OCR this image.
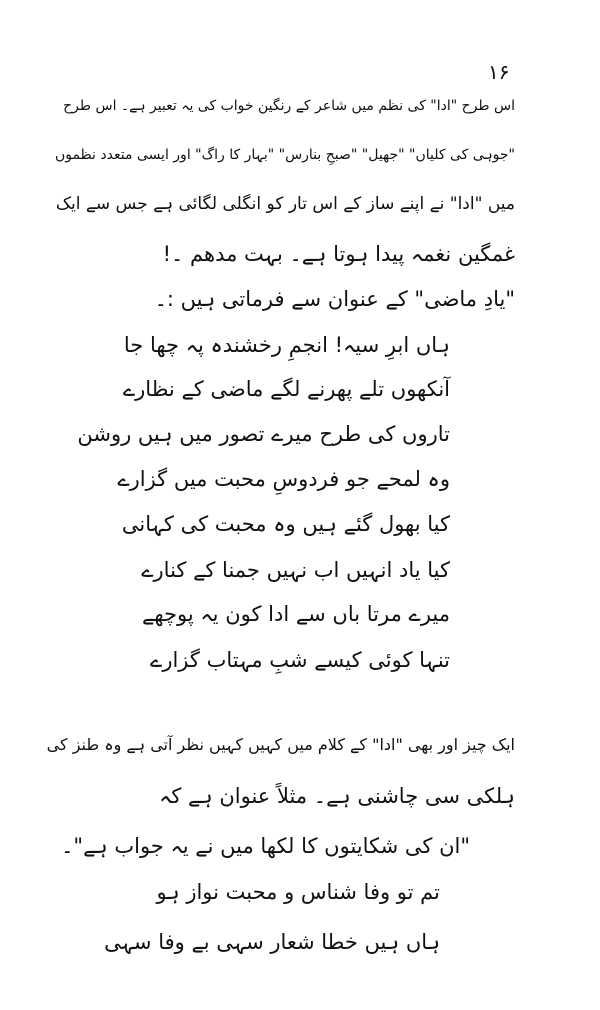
۱۶
اس طرح "ادا" کی نظم میں شاعر کے رنگین خواب کی یہ تعبیر ہے۔ اس طرح
"جوہی کی کلیاں" "جھیل" "صبحِ بنارس" "بہار کا راگ" اور ایسی متعدد نظموں
میں "ادا" نے اپنے ساز کے اس تار کو انگلی لگائی ہے جس سے ایک
غمگین نغمہ پیدا ہوتا ہے۔ بہت مدھم ۔!
"یادِ ماضی" کے عنوان سے فرماتی ہیں :۔
ہاں ابرِ سیہ! انجمِ رخشندہ پہ چھا جا
آنکھوں تلے پھرنے لگے ماضی کے نظارے
تاروں کی طرح میرے تصور میں ہیں روشن
وہ لمحے جو فردوسِ محبت میں گزارے
کیا بھول گئے ہیں وہ محبت کی کہانی
کیا یاد انہیں اب نہیں جمنا کے کنارے
میرے مرتا باں سے ادا کون یہ پوچھے
تنہا کوئی کیسے شبِ مہتاب گزارے
ایک چیز اور بھی "ادا" کے کلام میں کہیں کہیں نظر آتی ہے وہ طنز کی
ہلکی سی چاشنی ہے۔ مثلاً عنوان ہے کہ
"ان کی شکایتوں کا لکھا میں نے یہ جواب ہے"۔
تم تو وفا شناس و محبت نواز ہو
ہاں ہیں خطا شعار سہی بے وفا سہی
